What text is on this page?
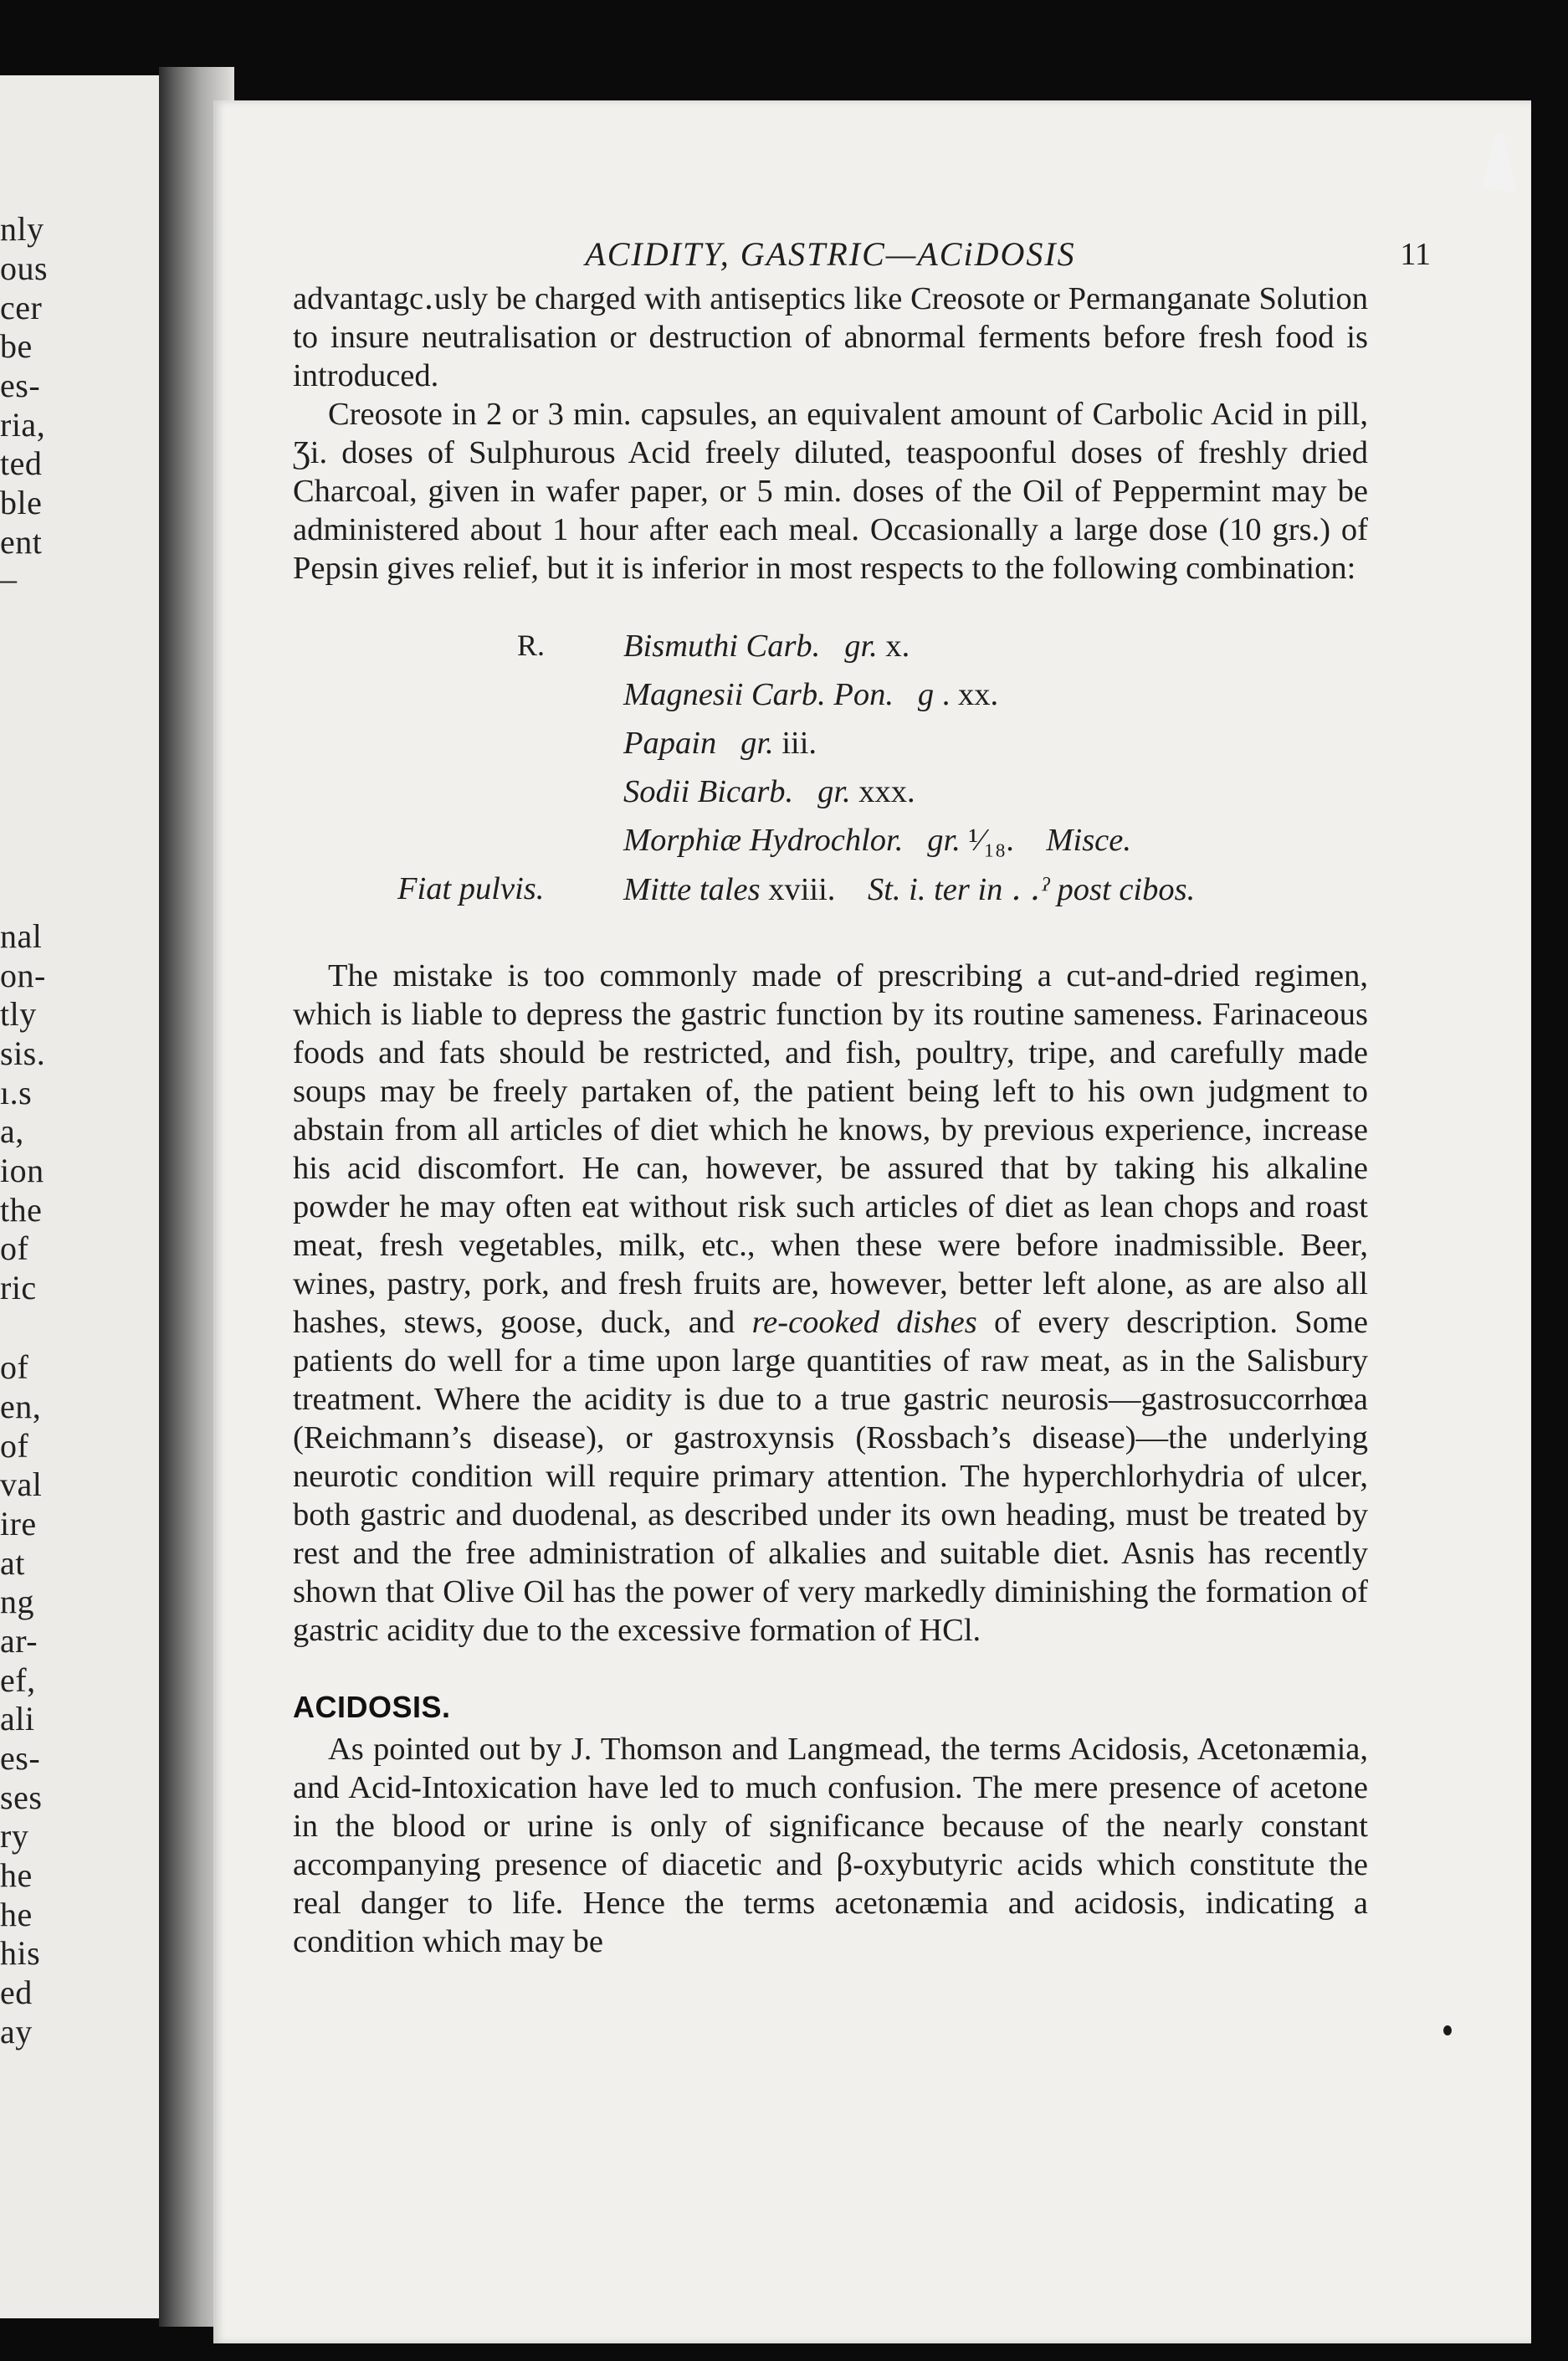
nly
ous
cer
be
es-
ria,
ted
ble
ent
–
nal
on-
tly
sis.
ı.s
a,
ion
the
of
ric
of
en,
of
val
ire
at
ng
ar-
ef,
ali
es-
ses
ry
he
he
his
ed
ay
ACIDITY, GASTRIC—ACiDOSIS	11

advantagc․usly be charged with antiseptics like Creosote or Permanganate Solution to insure neutralisation or destruction of abnormal ferments before fresh food is introduced.

Creosote in 2 or 3 min. capsules, an equivalent amount of Carbolic Acid in pill, Ʒi. doses of Sulphurous Acid freely diluted, teaspoonful doses of freshly dried Charcoal, given in wafer paper, or 5 min. doses of the Oil of Peppermint may be administered about 1 hour after each meal. Occasionally a large dose (10 grs.) of Pepsin gives relief, but it is inferior in most respects to the following combination:

R. Bismuthi Carb. gr. x.
Magnesii Carb. Pon. g . xx.
Papain gr. iii.
Sodii Bicarb. gr. xxx.
Morphiæ Hydrochlor. gr. ¹⁄₁₈. Misce.
Fiat pulvis. Mitte tales xviii. St. i. ter in ․ ․ˀ post cibos.

The mistake is too commonly made of prescribing a cut-and-dried regimen, which is liable to depress the gastric function by its routine sameness. Farinaceous foods and fats should be restricted, and fish, poultry, tripe, and carefully made soups may be freely partaken of, the patient being left to his own judgment to abstain from all articles of diet which he knows, by previous experience, increase his acid discomfort. He can, however, be assured that by taking his alkaline powder he may often eat without risk such articles of diet as lean chops and roast meat, fresh vegetables, milk, etc., when these were before inadmissible. Beer, wines, pastry, pork, and fresh fruits are, however, better left alone, as are also all hashes, stews, goose, duck, and re-cooked dishes of every description. Some patients do well for a time upon large quantities of raw meat, as in the Salisbury treatment. Where the acidity is due to a true gastric neurosis—gastrosuccorrhœa (Reichmann’s disease), or gastroxynsis (Rossbach’s disease)—the underlying neurotic condition will require primary attention. The hyperchlorhydria of ulcer, both gastric and duodenal, as described under its own heading, must be treated by rest and the free administration of alkalies and suitable diet. Asnis has recently shown that Olive Oil has the power of very markedly diminishing the formation of gastric acidity due to the excessive formation of HCl.

ACIDOSIS.

As pointed out by J. Thomson and Langmead, the terms Acidosis, Acetonæmia, and Acid-Intoxication have led to much confusion. The mere presence of acetone in the blood or urine is only of significance because of the nearly constant accompanying presence of diacetic and β-oxybutyric acids which constitute the real danger to life. Hence the terms acetonæmia and acidosis, indicating a condition which may be
